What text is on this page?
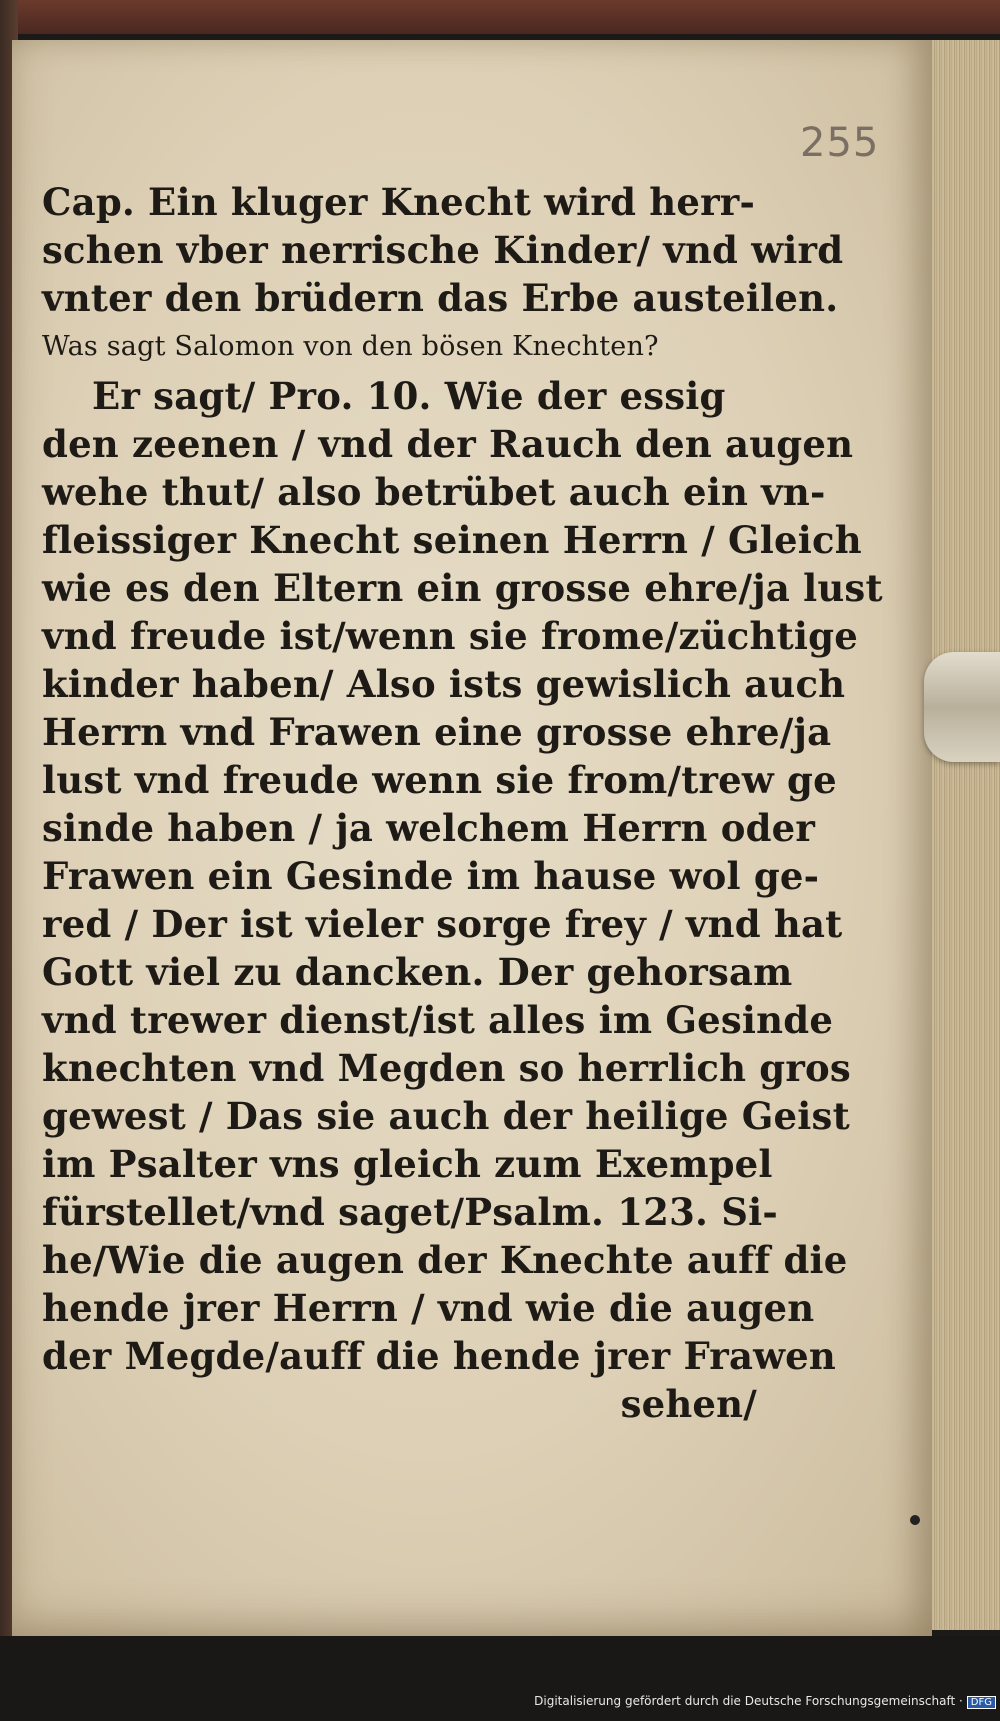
255
Cap. Ein kluger Knecht wird herr-
schen vber nerrische Kinder/ vnd wird
vnter den brüdern das Erbe austeilen.
Was sagt Salomon von den bösen Knechten?
Er sagt/ Pro. 10. Wie der essig
den zeenen / vnd der Rauch den augen
wehe thut/ also betrübet auch ein vn-
fleissiger Knecht seinen Herrn / Gleich
wie es den Eltern ein grosse ehre/ja lust
vnd freude ist/wenn sie frome/züchtige
kinder haben/ Also ists gewislich auch
Herrn vnd Frawen eine grosse ehre/ja
lust vnd freude wenn sie from/trew ge
sinde haben / ja welchem Herrn oder
Frawen ein Gesinde im hause wol ge-
red / Der ist vieler sorge frey / vnd hat
Gott viel zu dancken. Der gehorsam
vnd trewer dienst/ist alles im Gesinde
knechten vnd Megden so herrlich gros
gewest / Das sie auch der heilige Geist
im Psalter vns gleich zum Exempel
fürstellet/vnd saget/Psalm. 123. Si-
he/Wie die augen der Knechte auff die
hende jrer Herrn / vnd wie die augen
der Megde/auff die hende jrer Frawen
sehen/
Digitalisierung gefördert durch die Deutsche Forschungsgemeinschaft · DFG
